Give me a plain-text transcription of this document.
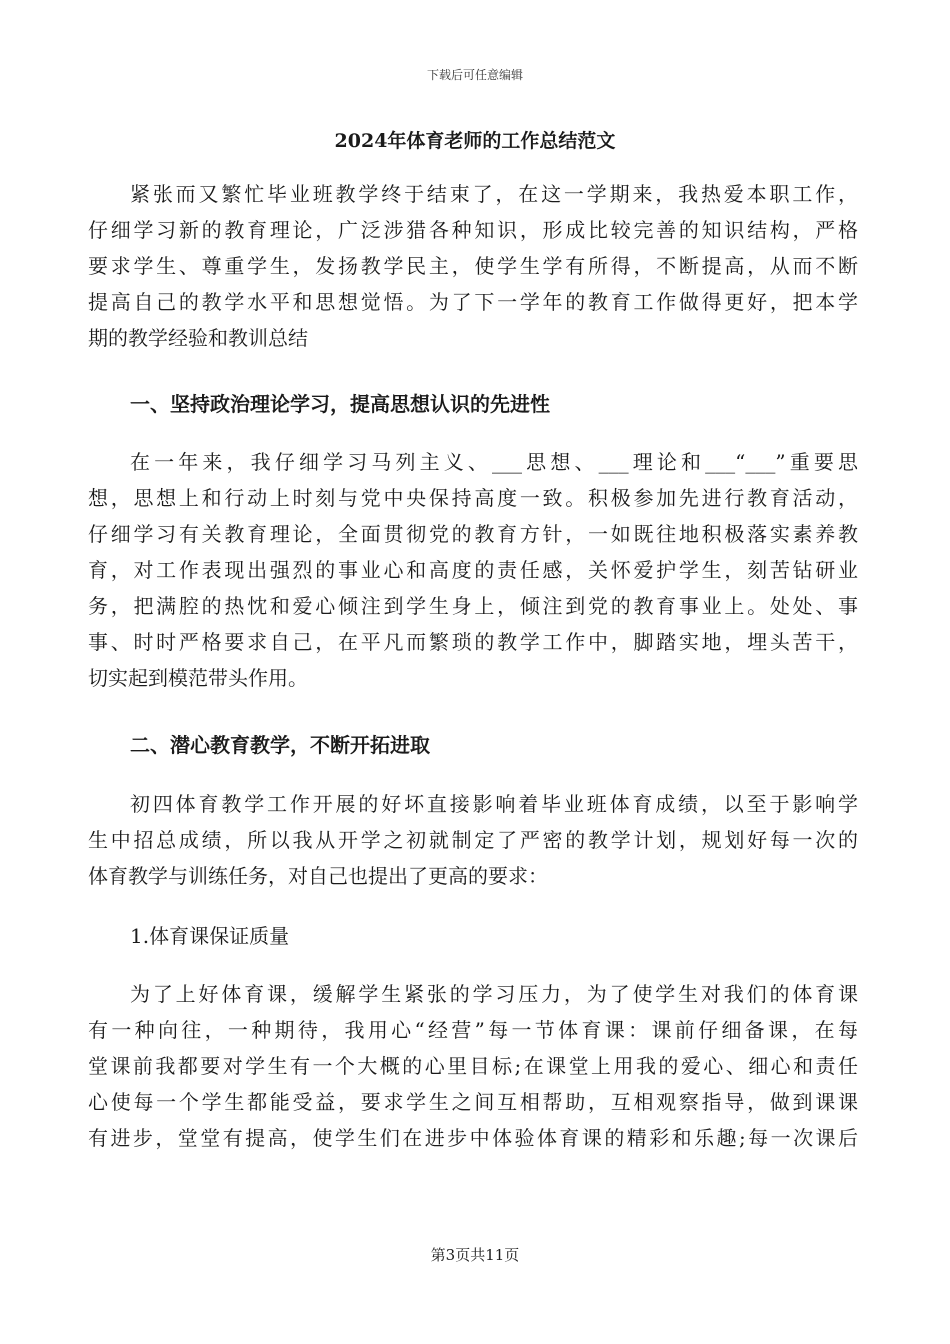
下载后可任意编辑
2024年体育老师的工作总结范文
紧张而又繁忙毕业班教学终于结束了，在这一学期来，我热爱本职工作，
仔细学习新的教育理论，广泛涉猎各种知识，形成比较完善的知识结构，严格
要求学生、尊重学生，发扬教学民主，使学生学有所得，不断提高，从而不断
提高自己的教学水平和思想觉悟。为了下一学年的教育工作做得更好，把本学
期的教学经验和教训总结
一、坚持政治理论学习，提高思想认识的先进性
在一年来，我仔细学习马列主义、___思想、___理论和___“___”重要思
想，思想上和行动上时刻与党中央保持高度一致。积极参加先进行教育活动，
仔细学习有关教育理论，全面贯彻党的教育方针，一如既往地积极落实素养教
育，对工作表现出强烈的事业心和高度的责任感，关怀爱护学生，刻苦钻研业
务，把满腔的热忱和爱心倾注到学生身上，倾注到党的教育事业上。处处、事
事、时时严格要求自己，在平凡而繁琐的教学工作中，脚踏实地，埋头苦干，
切实起到模范带头作用。
二、潜心教育教学，不断开拓进取
初四体育教学工作开展的好坏直接影响着毕业班体育成绩，以至于影响学
生中招总成绩，所以我从开学之初就制定了严密的教学计划，规划好每一次的
体育教学与训练任务，对自己也提出了更高的要求：
1.体育课保证质量
为了上好体育课，缓解学生紧张的学习压力，为了使学生对我们的体育课
有一种向往，一种期待，我用心“经营”每一节体育课：课前仔细备课，在每
堂课前我都要对学生有一个大概的心里目标;在课堂上用我的爱心、细心和责任
心使每一个学生都能受益，要求学生之间互相帮助，互相观察指导，做到课课
有进步，堂堂有提高，使学生们在进步中体验体育课的精彩和乐趣;每一次课后
第3页共11页
